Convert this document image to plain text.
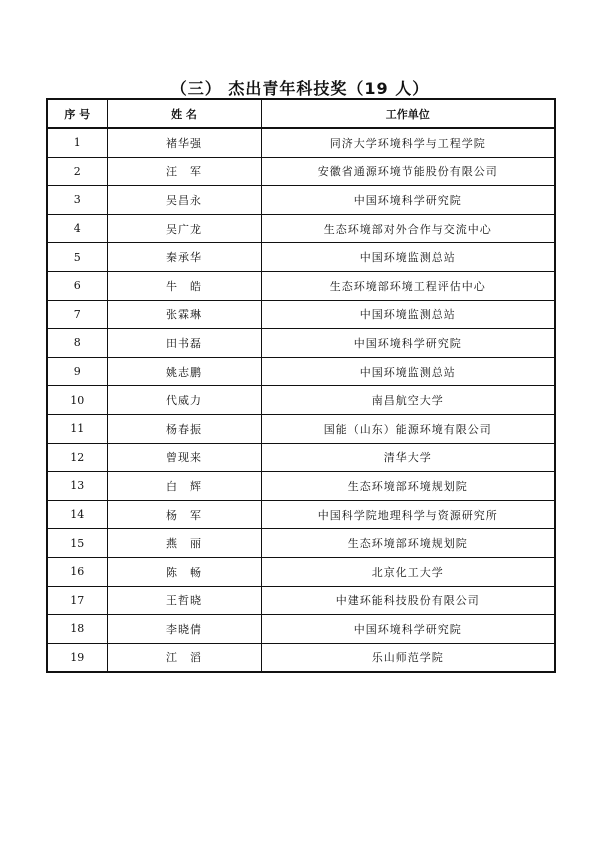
（三） 杰出青年科技奖（19 人）
序 号	姓 名	工作单位
1	褚华强	同济大学环境科学与工程学院
2	汪　军	安徽省通源环境节能股份有限公司
3	吴昌永	中国环境科学研究院
4	吴广龙	生态环境部对外合作与交流中心
5	秦承华	中国环境监测总站
6	牛　皓	生态环境部环境工程评估中心
7	张霖琳	中国环境监测总站
8	田书磊	中国环境科学研究院
9	姚志鹏	中国环境监测总站
10	代威力	南昌航空大学
11	杨春振	国能（山东）能源环境有限公司
12	曾现来	清华大学
13	白　辉	生态环境部环境规划院
14	杨　军	中国科学院地理科学与资源研究所
15	燕　丽	生态环境部环境规划院
16	陈　畅	北京化工大学
17	王哲晓	中建环能科技股份有限公司
18	李晓倩	中国环境科学研究院
19	江　滔	乐山师范学院
